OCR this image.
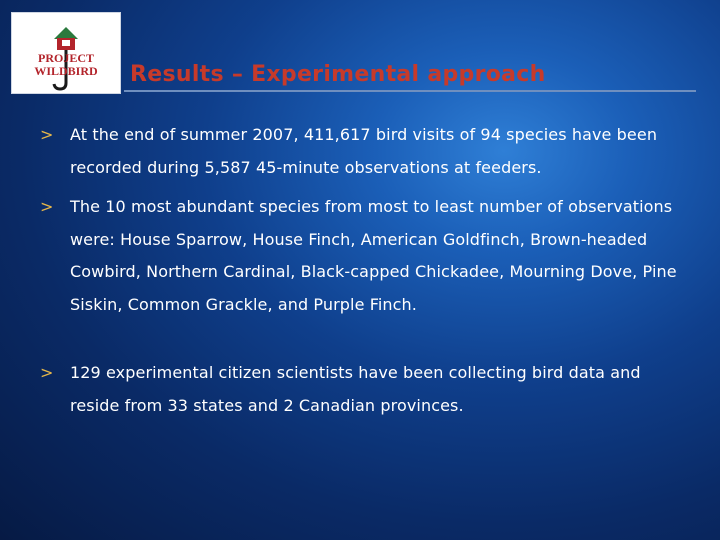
PROJECT
WILDBIRD Results – Experimental approach
> At the end of summer 2007, 411,617 bird visits of 94 species have been recorded during 5,587 45-minute observations at feeders.
> The 10 most abundant species from most to least number of observations were: House Sparrow, House Finch, American Goldfinch, Brown-headed Cowbird, Northern Cardinal, Black-capped Chickadee, Mourning Dove, Pine Siskin, Common Grackle, and Purple Finch.
> 129 experimental citizen scientists have been collecting bird data and reside from 33 states and 2 Canadian provinces.
